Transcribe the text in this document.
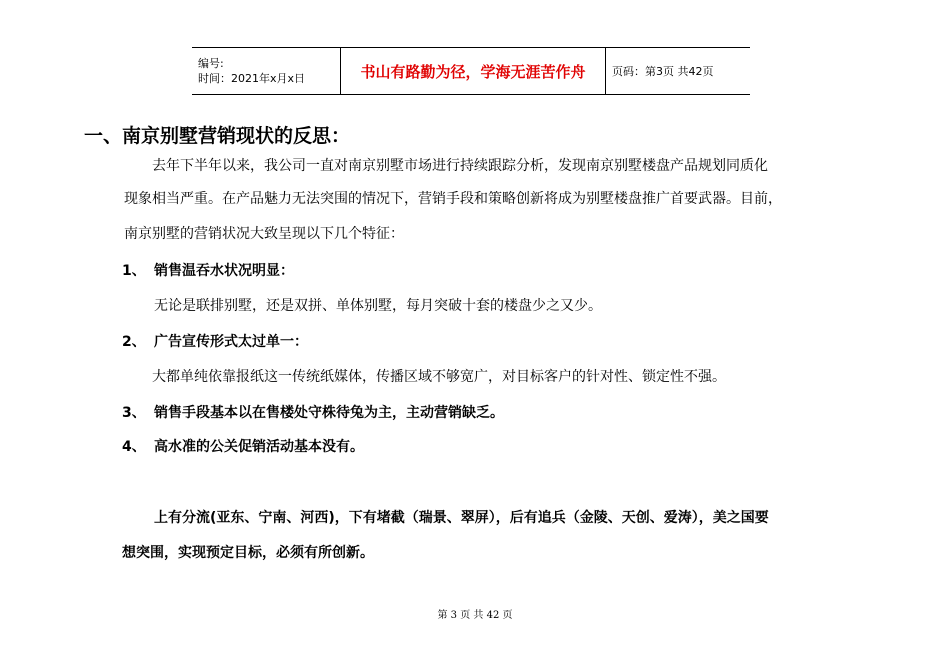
编号:
时间：2021年x月x日	书山有路勤为径，学海无涯苦作舟	页码：第3页 共42页
一、南京别墅营销现状的反思：
去年下半年以来，我公司一直对南京别墅市场进行持续跟踪分析，发现南京别墅楼盘产品规划同质化
现象相当严重。在产品魅力无法突围的情况下，营销手段和策略创新将成为别墅楼盘推广首要武器。目前，
南京别墅的营销状况大致呈现以下几个特征：
1、 销售温吞水状况明显：
无论是联排别墅，还是双拼、单体别墅，每月突破十套的楼盘少之又少。
2、 广告宣传形式太过单一：
大都单纯依靠报纸这一传统纸媒体，传播区域不够宽广，对目标客户的针对性、锁定性不强。
3、 销售手段基本以在售楼处守株待兔为主，主动营销缺乏。
4、 高水准的公关促销活动基本没有。
上有分流(亚东、宁南、河西)，下有堵截（瑞景、翠屏），后有追兵（金陵、天创、爱涛），美之国要
想突围，实现预定目标，必须有所创新。
第 3 页 共 42 页
